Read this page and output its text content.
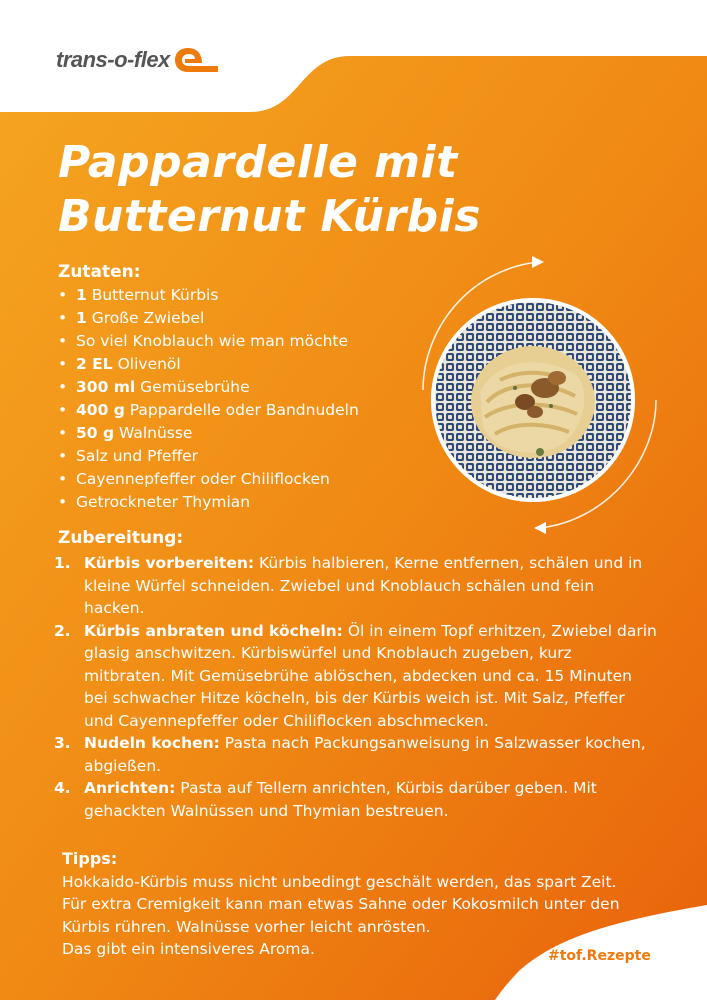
trans-o-flex
Pappardelle mit
Butternut Kürbis
Zutaten:
• 1 Butternut Kürbis
• 1 Große Zwiebel
• So viel Knoblauch wie man möchte
• 2 EL Olivenöl
• 300 ml Gemüsebrühe
• 400 g Pappardelle oder Bandnudeln
• 50 g Walnüsse
• Salz und Pfeffer
• Cayennepfeffer oder Chiliflocken
• Getrockneter Thymian
Zubereitung:
1. Kürbis vorbereiten: Kürbis halbieren, Kerne entfernen, schälen und in kleine Würfel schneiden. Zwiebel und Knoblauch schälen und fein hacken.
2. Kürbis anbraten und köcheln: Öl in einem Topf erhitzen, Zwiebel darin glasig anschwitzen. Kürbiswürfel und Knoblauch zugeben, kurz mitbraten. Mit Gemüsebrühe ablöschen, abdecken und ca. 15 Minuten bei schwacher Hitze köcheln, bis der Kürbis weich ist. Mit Salz, Pfeffer und Cayennepfeffer oder Chiliflocken abschmecken.
3. Nudeln kochen: Pasta nach Packungsanweisung in Salzwasser kochen, abgießen.
4. Anrichten: Pasta auf Tellern anrichten, Kürbis darüber geben. Mit gehackten Walnüssen und Thymian bestreuen.
Tipps:
Hokkaido-Kürbis muss nicht unbedingt geschält werden, das spart Zeit.
Für extra Cremigkeit kann man etwas Sahne oder Kokosmilch unter den Kürbis rühren. Walnüsse vorher leicht anrösten.
Das gibt ein intensiveres Aroma.	#tof.Rezepte
